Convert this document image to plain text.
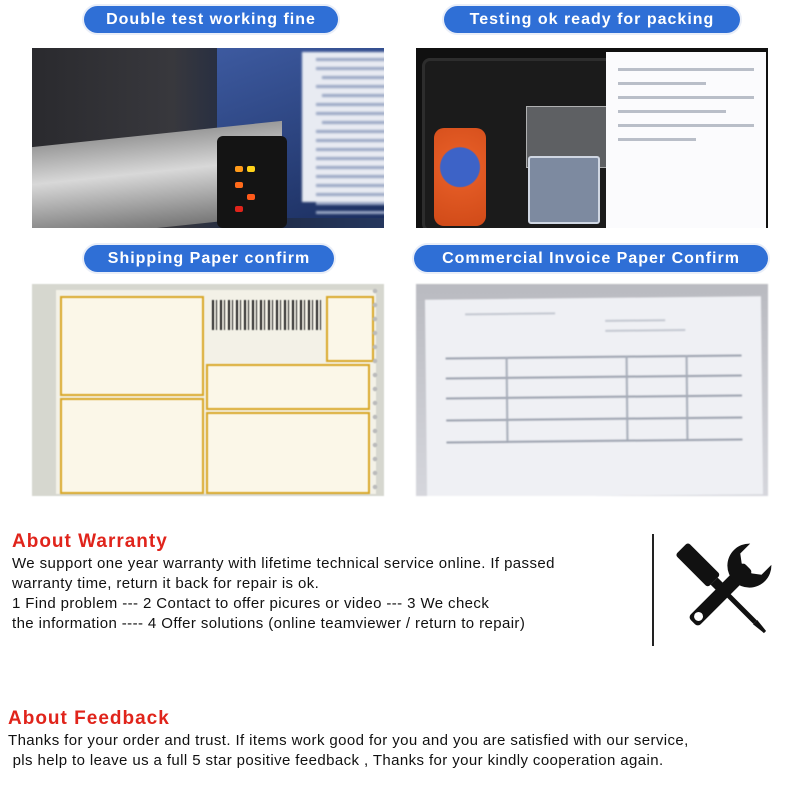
Double test working fine	Testing ok ready for packing
Shipping Paper confirm	Commercial Invoice Paper Confirm
About Warranty
We support one year warranty with lifetime technical service online. If passed
warranty time, return it back for repair is ok.
1 Find problem --- 2 Contact to offer picures or video --- 3 We check
the information ---- 4 Offer solutions (online teamviewer / return to repair)
About Feedback
Thanks for your order and trust. If items work good for you and you are satisfied with our service,
pls help to leave us a full 5 star positive feedback , Thanks for your kindly cooperation again.
